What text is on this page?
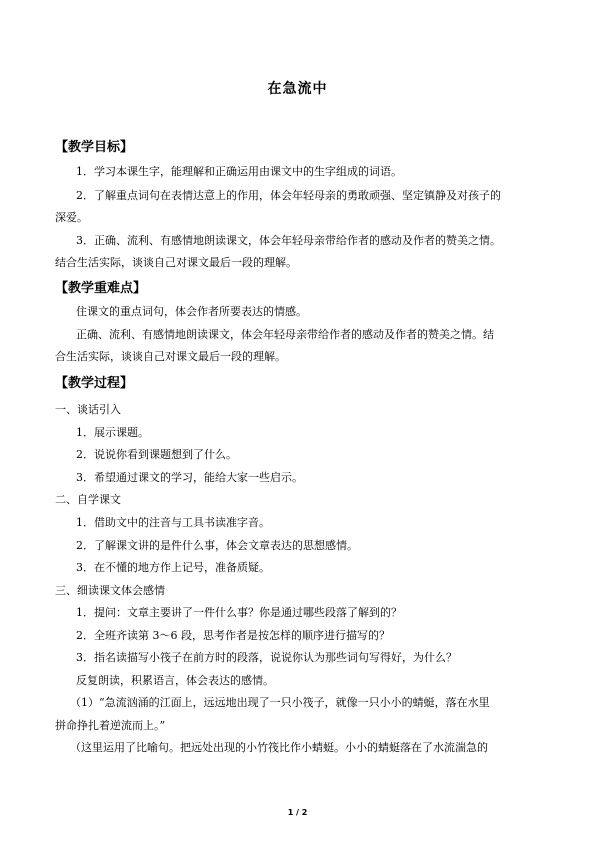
在急流中
【教学目标】
1．学习本课生字，能理解和正确运用由课文中的生字组成的词语。
2．了解重点词句在表情达意上的作用，体会年轻母亲的勇敢顽强、坚定镇静及对孩子的
深爱。
3．正确、流利、有感情地朗读课文，体会年轻母亲带给作者的感动及作者的赞美之情。
结合生活实际，谈谈自己对课文最后一段的理解。
【教学重难点】
住课文的重点词句，体会作者所要表达的情感。
正确、流利、有感情地朗读课文，体会年轻母亲带给作者的感动及作者的赞美之情。结
合生活实际，谈谈自己对课文最后一段的理解。
【教学过程】
一、谈话引入
1．展示课题。
2．说说你看到课题想到了什么。
3．希望通过课文的学习，能给大家一些启示。
二、自学课文
1．借助文中的注音与工具书读准字音。
2．了解课文讲的是件什么事，体会文章表达的思想感情。
3．在不懂的地方作上记号，准备质疑。
三、细读课文体会感情
1．提问：文章主要讲了一件什么事？你是通过哪些段落了解到的？
2．全班齐读第 3～6 段，思考作者是按怎样的顺序进行描写的？
3．指名读描写小筏子在前方时的段落，说说你认为那些词句写得好，为什么？
反复朗读，积累语言，体会表达的感情。
（1）“急流汹涌的江面上，远远地出现了一只小筏子，就像一只小小的蜻蜓，落在水里
拼命挣扎着逆流而上。”
（这里运用了比喻句。把远处出现的小竹筏比作小蜻蜓。小小的蜻蜓落在了水流湍急的
1 / 2
